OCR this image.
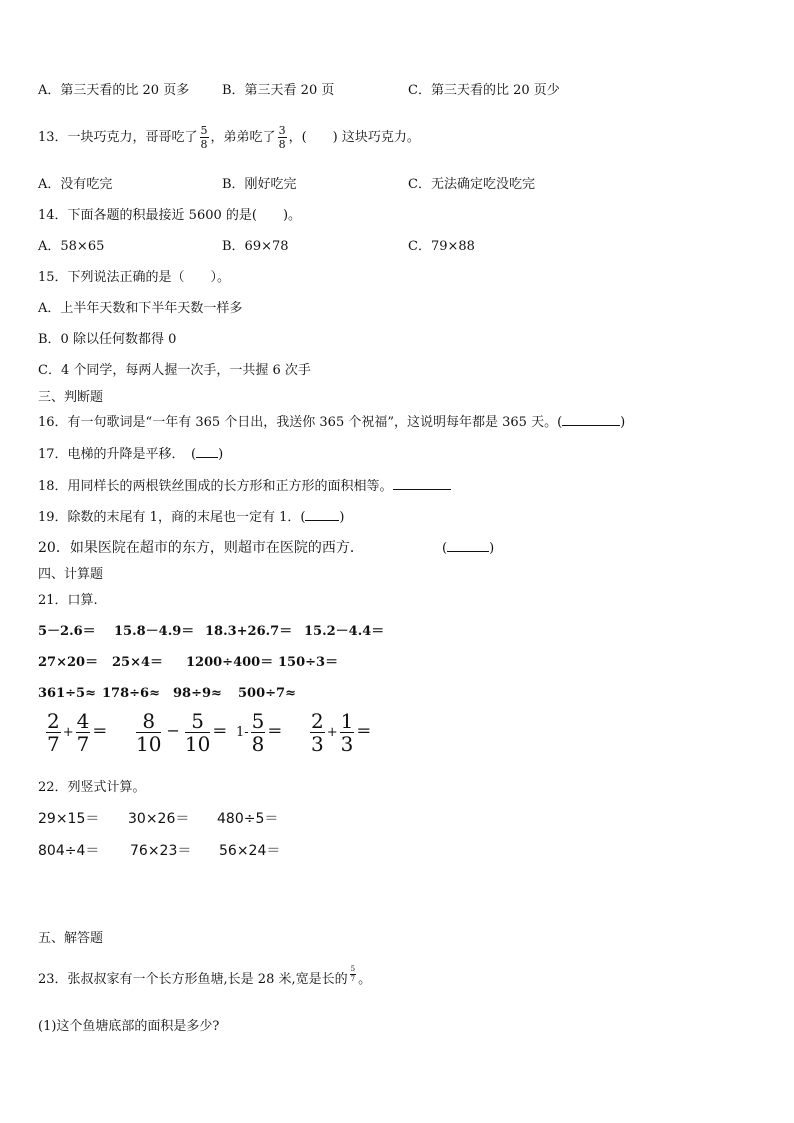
A．第三天看的比 20 页多	B．第三天看 20 页	C．第三天看的比 20 页少
13．一块巧克力，哥哥吃了 $\frac{5}{8}$ ，弟弟吃了 $\frac{3}{8}$ ，(　　) 这块巧克力。
A．没有吃完	B．刚好吃完	C．无法确定吃没吃完
14．下面各题的积最接近 5600 的是(　　)。
A．58×65	B．69×78	C．79×88
15．下列说法正确的是（　　）。
A．上半年天数和下半年天数一样多
B．0 除以任何数都得 0
C．4 个同学，每两人握一次手，一共握 6 次手
三、判断题
16．有一句歌词是“一年有 365 个日出，我送你 365 个祝福”，这说明每年都是 365 天。(	)
17．电梯的升降是平移．　( )
18．用同样长的两根铁丝围成的长方形和正方形的面积相等。
19．除数的末尾有 1，商的末尾也一定有 1．(	)
20．如果医院在超市的东方，则超市在医院的西方．	(	)
四、计算题
21．口算.
5－2.6＝ 15.8－4.9＝ 18.3+26.7＝ 15.2－4.4＝
27×20＝ 25×4＝ 1200÷400＝ 150÷3＝
361÷5≈ 178÷6≈ 98÷9≈ 500÷7≈
$\frac{2}{7} + \frac{4}{7} = \frac{8}{10} - \frac{5}{10} = 1- \frac{5}{8} = \frac{2}{3} + \frac{1}{3}$ ＝
22．列竖式计算。
29×15＝ 30×26＝ 480÷5＝
804÷4＝ 76×23＝ 56×24＝
五、解答题
23．张叔叔家有一个长方形鱼塘,长是 28 米,宽是长的 $\frac{5}{7}$ 。
(1)这个鱼塘底部的面积是多少?
